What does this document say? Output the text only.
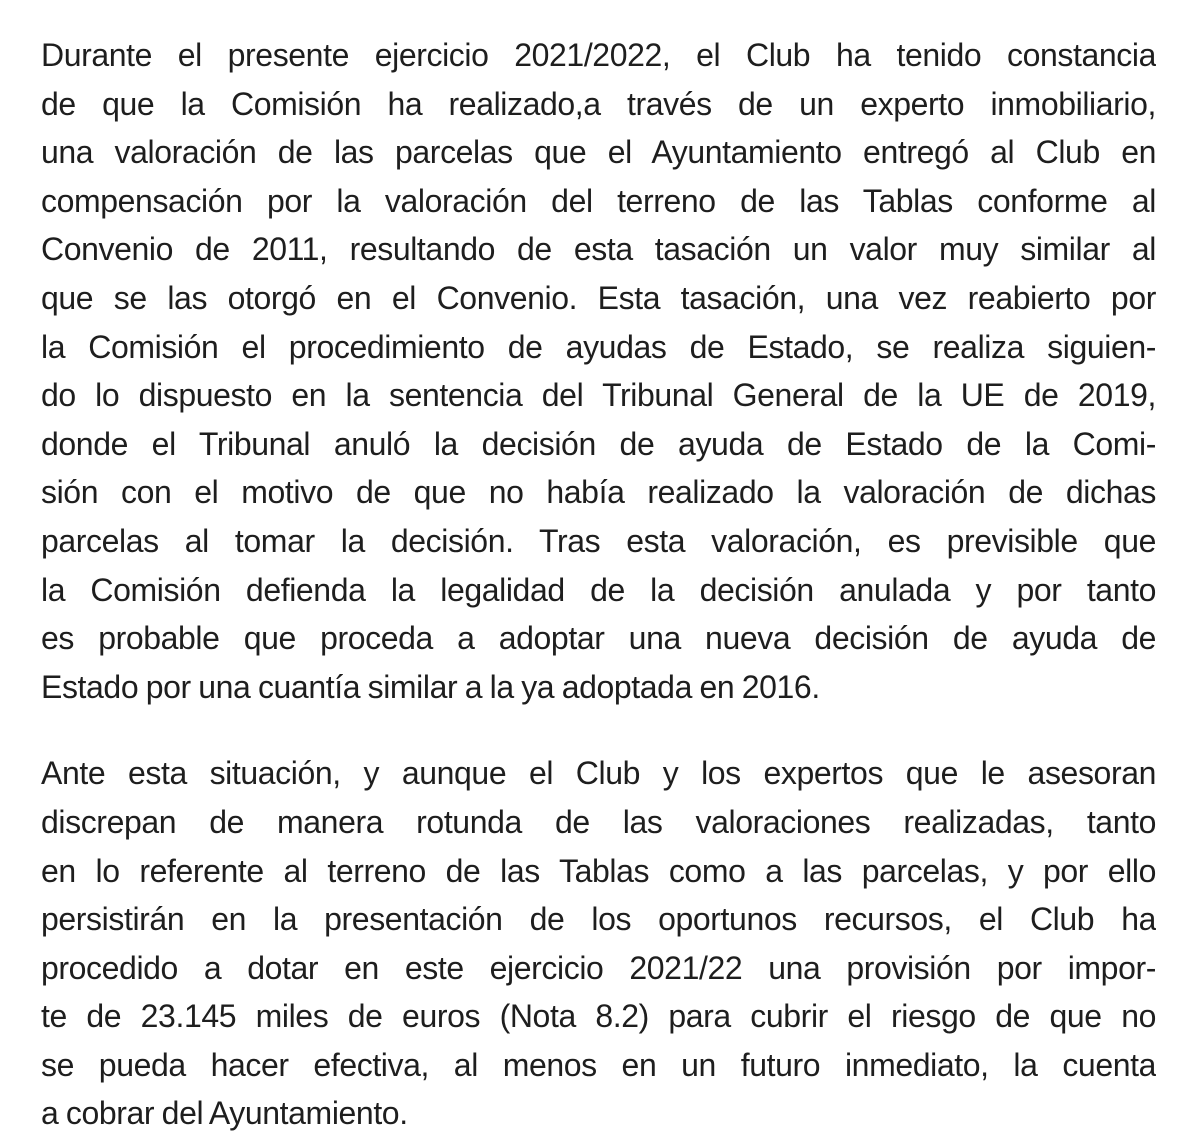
Durante el presente ejercicio 2021/2022, el Club ha tenido constancia
de que la Comisión ha realizado,a través de un experto inmobiliario,
una valoración de las parcelas que el Ayuntamiento entregó al Club en
compensación por la valoración del terreno de las Tablas conforme al
Convenio de 2011, resultando de esta tasación un valor muy similar al
que se las otorgó en el Convenio. Esta tasación, una vez reabierto por
la Comisión el procedimiento de ayudas de Estado, se realiza siguien-
do lo dispuesto en la sentencia del Tribunal General de la UE de 2019,
donde el Tribunal anuló la decisión de ayuda de Estado de la Comi-
sión con el motivo de que no había realizado la valoración de dichas
parcelas al tomar la decisión. Tras esta valoración, es previsible que
la Comisión defienda la legalidad de la decisión anulada y por tanto
es probable que proceda a adoptar una nueva decisión de ayuda de
Estado por una cuantía similar a la ya adoptada en 2016.
Ante esta situación, y aunque el Club y los expertos que le asesoran
discrepan de manera rotunda de las valoraciones realizadas, tanto
en lo referente al terreno de las Tablas como a las parcelas, y por ello
persistirán en la presentación de los oportunos recursos, el Club ha
procedido a dotar en este ejercicio 2021/22 una provisión por impor-
te de 23.145 miles de euros (Nota 8.2) para cubrir el riesgo de que no
se pueda hacer efectiva, al menos en un futuro inmediato, la cuenta
a cobrar del Ayuntamiento.
